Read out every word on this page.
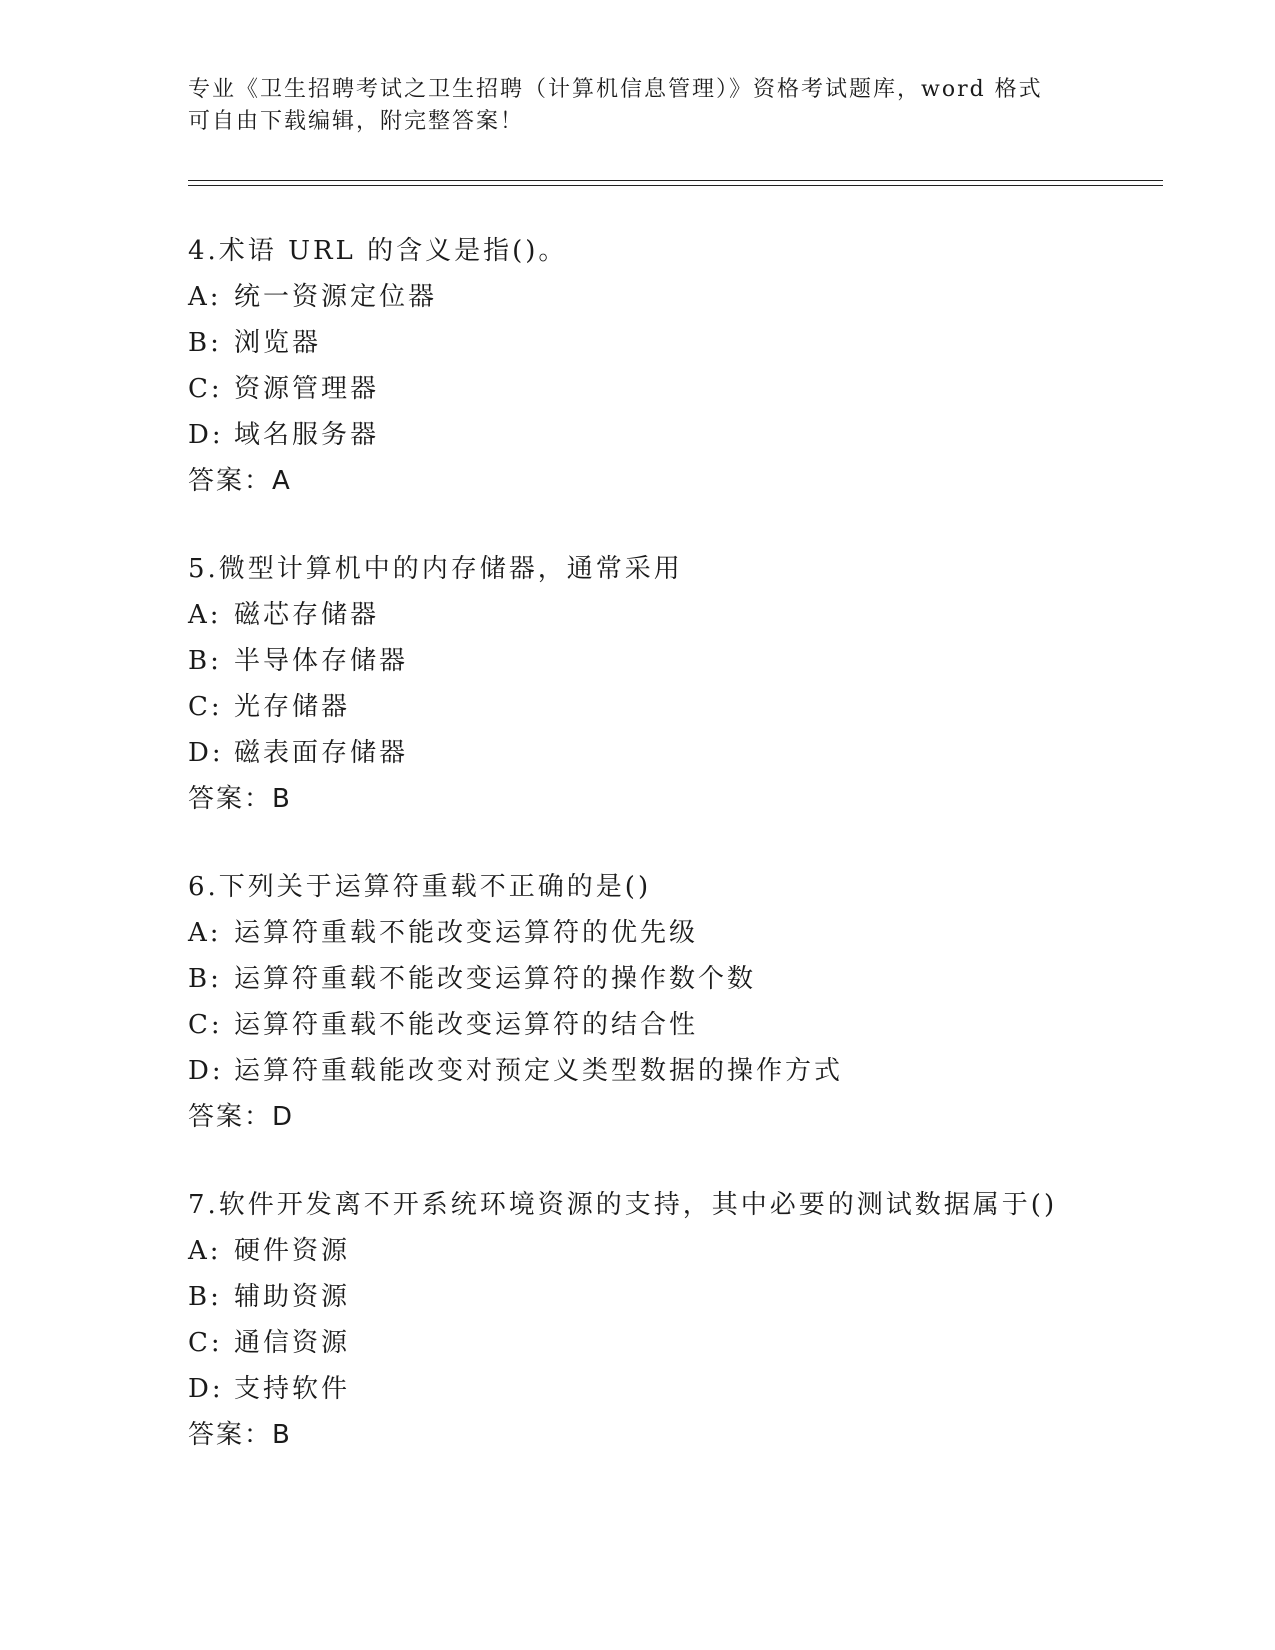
专业《卫生招聘考试之卫生招聘（计算机信息管理）》资格考试题库，word 格式
可自由下载编辑，附完整答案！
4.术语 URL 的含义是指()。
A: 统一资源定位器
B: 浏览器
C: 资源管理器
D: 域名服务器
答案：A
5.微型计算机中的内存储器，通常采用
A: 磁芯存储器
B: 半导体存储器
C: 光存储器
D: 磁表面存储器
答案：B
6.下列关于运算符重载不正确的是()
A: 运算符重载不能改变运算符的优先级
B: 运算符重载不能改变运算符的操作数个数
C: 运算符重载不能改变运算符的结合性
D: 运算符重载能改变对预定义类型数据的操作方式
答案：D
7.软件开发离不开系统环境资源的支持，其中必要的测试数据属于()
A: 硬件资源
B: 辅助资源
C: 通信资源
D: 支持软件
答案：B
